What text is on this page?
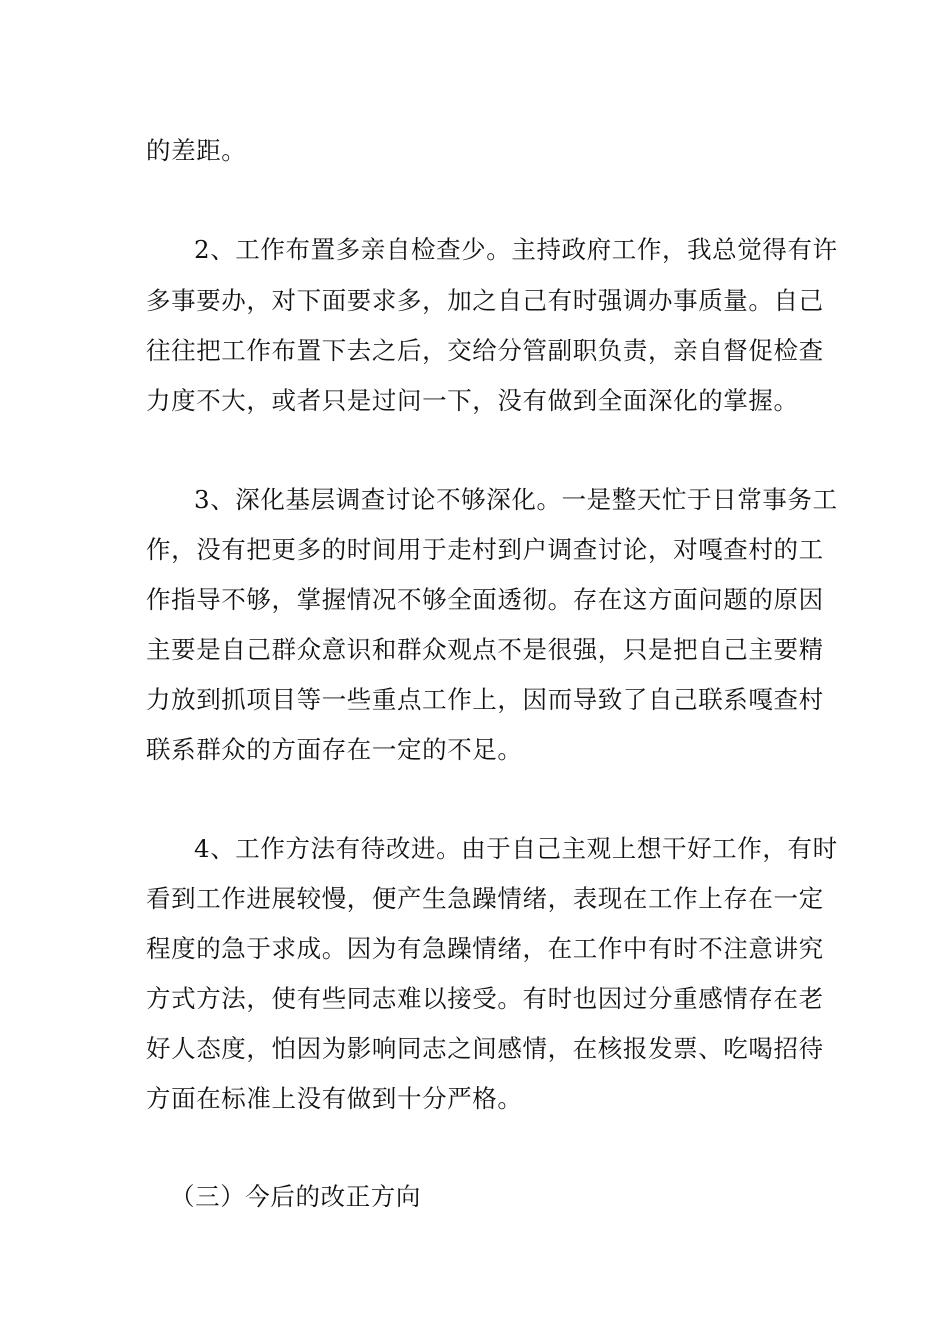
的差距。
2、工作布置多亲自检查少。主持政府工作，我总觉得有许
多事要办，对下面要求多，加之自己有时强调办事质量。自己
往往把工作布置下去之后，交给分管副职负责，亲自督促检查
力度不大，或者只是过问一下，没有做到全面深化的掌握。
3、深化基层调查讨论不够深化。一是整天忙于日常事务工
作，没有把更多的时间用于走村到户调查讨论，对嘎查村的工
作指导不够，掌握情况不够全面透彻。存在这方面问题的原因
主要是自己群众意识和群众观点不是很强，只是把自己主要精
力放到抓项目等一些重点工作上，因而导致了自己联系嘎查村
联系群众的方面存在一定的不足。
4、工作方法有待改进。由于自己主观上想干好工作，有时
看到工作进展较慢，便产生急躁情绪，表现在工作上存在一定
程度的急于求成。因为有急躁情绪，在工作中有时不注意讲究
方式方法，使有些同志难以接受。有时也因过分重感情存在老
好人态度，怕因为影响同志之间感情，在核报发票、吃喝招待
方面在标准上没有做到十分严格。
（三）今后的改正方向
